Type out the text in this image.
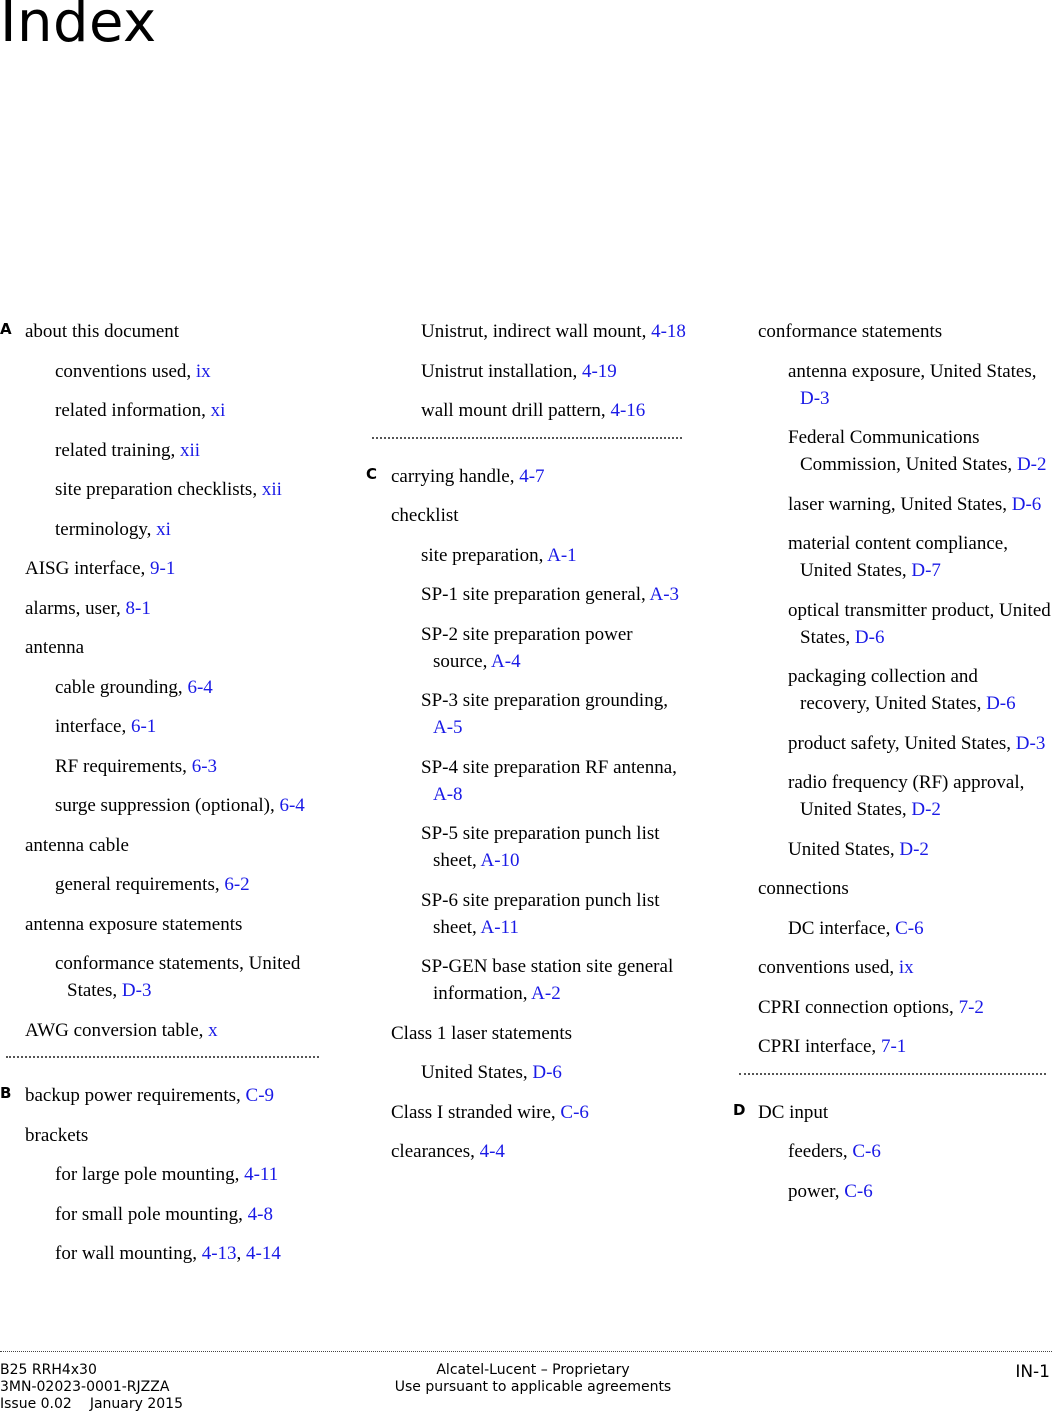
Index
A about this document
conventions used, ix
related information, xi
related training, xii
site preparation checklists, xii
terminology, xi
AISG interface, 9-1
alarms, user, 8-1
antenna
cable grounding, 6-4
interface, 6-1
RF requirements, 6-3
surge suppression (optional), 6-4
antenna cable
general requirements, 6-2
antenna exposure statements
conformance statements, United States, D-3
AWG conversion table, x
B backup power requirements, C-9
brackets
for large pole mounting, 4-11
for small pole mounting, 4-8
for wall mounting, 4-13, 4-14
Unistrut, indirect wall mount, 4-18
Unistrut installation, 4-19
wall mount drill pattern, 4-16
C carrying handle, 4-7
checklist
site preparation, A-1
SP-1 site preparation general, A-3
SP-2 site preparation power source, A-4
SP-3 site preparation grounding, A-5
SP-4 site preparation RF antenna, A-8
SP-5 site preparation punch list sheet, A-10
SP-6 site preparation punch list sheet, A-11
SP-GEN base station site general information, A-2
Class 1 laser statements
United States, D-6
Class I stranded wire, C-6
clearances, 4-4
conformance statements
antenna exposure, United States, D-3
Federal Communications Commission, United States, D-2
laser warning, United States, D-6
material content compliance, United States, D-7
optical transmitter product, United States, D-6
packaging collection and recovery, United States, D-6
product safety, United States, D-3
radio frequency (RF) approval, United States, D-2
United States, D-2
connections
DC interface, C-6
conventions used, ix
CPRI connection options, 7-2
CPRI interface, 7-1
D DC input
feeders, C-6
power, C-6
B25 RRH4x30
3MN-02023-0001-RJZZA
Issue 0.02 January 2015
Alcatel-Lucent – Proprietary
Use pursuant to applicable agreements
IN-1
